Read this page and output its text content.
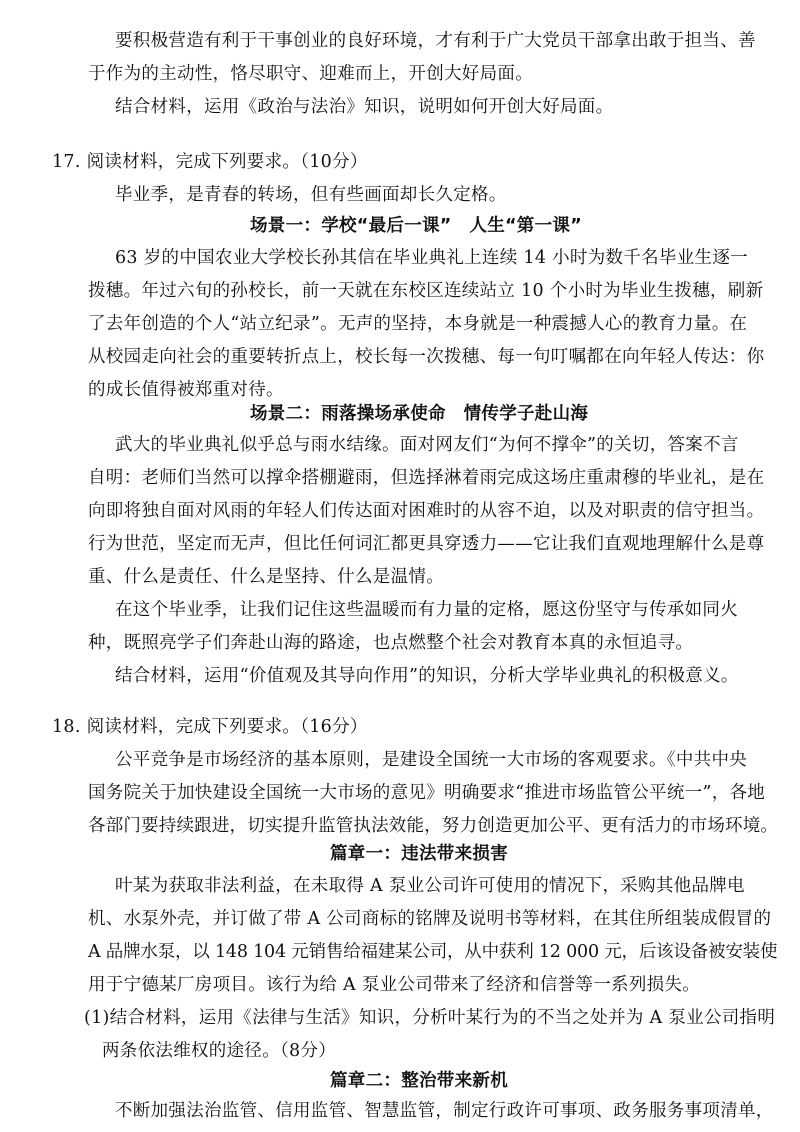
要积极营造有利于干事创业的良好环境，才有利于广大党员干部拿出敢于担当、善
于作为的主动性，恪尽职守、迎难而上，开创大好局面。
结合材料，运用《政治与法治》知识，说明如何开创大好局面。
17. 阅读材料，完成下列要求。（10分）
毕业季，是青春的转场，但有些画面却长久定格。
场景一：学校“最后一课”　人生“第一课”
63 岁的中国农业大学校长孙其信在毕业典礼上连续 14 小时为数千名毕业生逐一
拨穗。年过六旬的孙校长，前一天就在东校区连续站立 10 个小时为毕业生拨穗，刷新
了去年创造的个人“站立纪录”。无声的坚持，本身就是一种震撼人心的教育力量。在
从校园走向社会的重要转折点上，校长每一次拨穗、每一句叮嘱都在向年轻人传达：你
的成长值得被郑重对待。
场景二：雨落操场承使命　情传学子赴山海
武大的毕业典礼似乎总与雨水结缘。面对网友们“为何不撑伞”的关切，答案不言
自明：老师们当然可以撑伞搭棚避雨，但选择淋着雨完成这场庄重肃穆的毕业礼，是在
向即将独自面对风雨的年轻人们传达面对困难时的从容不迫，以及对职责的信守担当。
行为世范，坚定而无声，但比任何词汇都更具穿透力——它让我们直观地理解什么是尊
重、什么是责任、什么是坚持、什么是温情。
在这个毕业季，让我们记住这些温暖而有力量的定格，愿这份坚守与传承如同火
种，既照亮学子们奔赴山海的路途，也点燃整个社会对教育本真的永恒追寻。
结合材料，运用“价值观及其导向作用”的知识，分析大学毕业典礼的积极意义。
18. 阅读材料，完成下列要求。（16分）
公平竞争是市场经济的基本原则，是建设全国统一大市场的客观要求。《中共中央
国务院关于加快建设全国统一大市场的意见》明确要求“推进市场监管公平统一”，各地
各部门要持续跟进，切实提升监管执法效能，努力创造更加公平、更有活力的市场环境。
篇章一：违法带来损害
叶某为获取非法利益，在未取得 A 泵业公司许可使用的情况下，采购其他品牌电
机、水泵外壳，并订做了带 A 公司商标的铭牌及说明书等材料，在其住所组装成假冒的
A 品牌水泵，以 148 104 元销售给福建某公司，从中获利 12 000 元，后该设备被安装使
用于宁德某厂房项目。该行为给 A 泵业公司带来了经济和信誉等一系列损失。
(1)结合材料，运用《法律与生活》知识，分析叶某行为的不当之处并为 A 泵业公司指明
两条依法维权的途径。（8分）
篇章二：整治带来新机
不断加强法治监管、信用监管、智慧监管，制定行政许可事项、政务服务事项清单，
